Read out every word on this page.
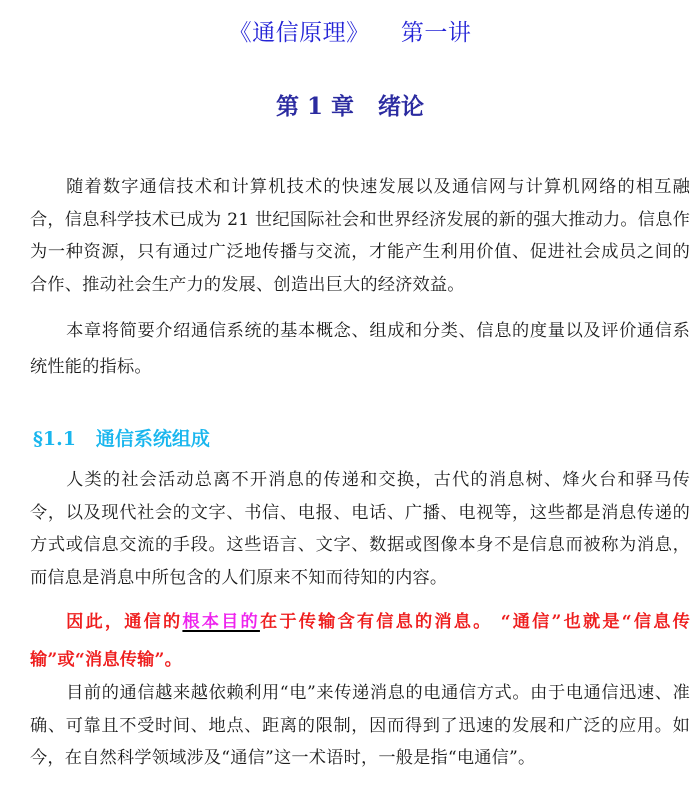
《通信原理》    第一讲
第 1 章   绪论

随着数字通信技术和计算机技术的快速发展以及通信网与计算机网络的相互融合，信息科学技术已成为 21 世纪国际社会和世界经济发展的新的强大推动力。信息作为一种资源，只有通过广泛地传播与交流，才能产生利用价值、促进社会成员之间的合作、推动社会生产力的发展、创造出巨大的经济效益。

本章将简要介绍通信系统的基本概念、组成和分类、信息的度量以及评价通信系统性能的指标。

§1.1   通信系统组成

人类的社会活动总离不开消息的传递和交换，古代的消息树、烽火台和驿马传令，以及现代社会的文字、书信、电报、电话、广播、电视等，这些都是消息传递的方式或信息交流的手段。这些语言、文字、数据或图像本身不是信息而被称为消息，而信息是消息中所包含的人们原来不知而待知的内容。

因此，通信的根本目的在于传输含有信息的消息。 “通信”也就是“信息传输”或“消息传输”。

目前的通信越来越依赖利用“电”来传递消息的电通信方式。由于电通信迅速、准确、可靠且不受时间、地点、距离的限制，因而得到了迅速的发展和广泛的应用。如今，在自然科学领域涉及“通信”这一术语时，一般是指“电通信”。
